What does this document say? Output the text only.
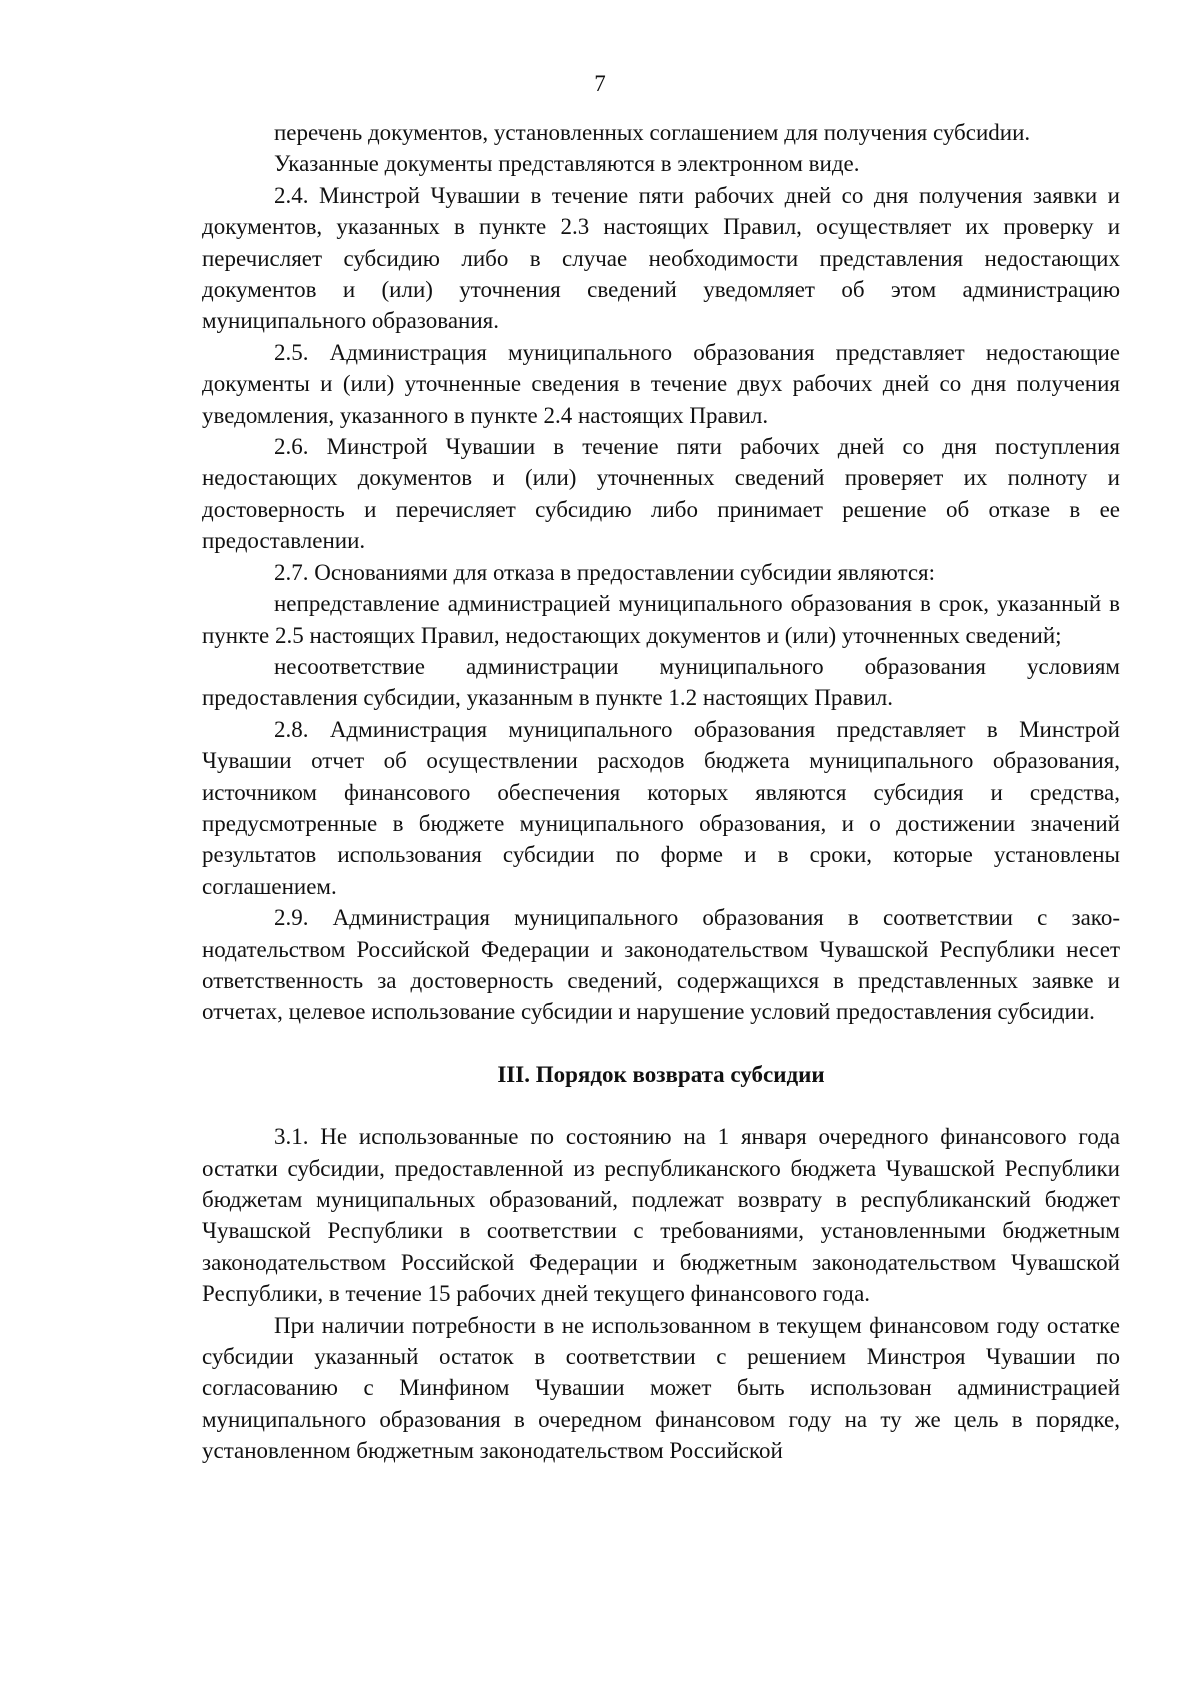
7

перечень документов, установленных соглашением для получения субсиdии.

Указанные документы представляются в электронном виде.

2.4. Минстрой Чувашии в течение пяти рабочих дней со дня получения заявки и документов, указанных в пункте 2.3 настоящих Правил, осуществляет их проверку и перечисляет субсидию либо в случае необходимости представления недостающих документов и (или) уточнения сведений уведомляет об этом администрацию муниципального образования.

2.5. Администрация муниципального образования представляет недостающие документы и (или) уточненные сведения в течение двух рабочих дней со дня получения уведомления, указанного в пункте 2.4 настоящих Правил.

2.6. Минстрой Чувашии в течение пяти рабочих дней со дня поступления недостающих документов и (или) уточненных сведений проверяет их полноту и достоверность и перечисляет субсидию либо принимает решение об отказе в ее предоставлении.

2.7. Основаниями для отказа в предоставлении субсидии являются:

непредставление администрацией муниципального образования в срок, указанный в пункте 2.5 настоящих Правил, недостающих документов и (или) уточненных сведений;

несоответствие администрации муниципального образования условиям предоставления субсидии, указанным в пункте 1.2 настоящих Правил.

2.8. Администрация муниципального образования представляет в Минстрой Чувашии отчет об осуществлении расходов бюджета муниципального образования, источником финансового обеспечения которых являются субсидия и средства, предусмотренные в бюджете муниципального образования, и о достижении значений результатов использования субсидии по форме и в сроки, которые установлены соглашением.

2.9. Администрация муниципального образования в соответствии с законодательством Российской Федерации и законодательством Чувашской Республики несет ответственность за достоверность сведений, содержащихся в представленных заявке и отчетах, целевое использование субсидии и нарушение условий предоставления субсидии.

III. Порядок возврата субсидии

3.1. Не использованные по состоянию на 1 января очередного финансового года остатки субсидии, предоставленной из республиканского бюджета Чувашской Республики бюджетам муниципальных образований, подлежат возврату в республиканский бюджет Чувашской Республики в соответствии с требованиями, установленными бюджетным законодательством Российской Федерации и бюджетным законодательством Чувашской Республики, в течение 15 рабочих дней текущего финансового года.

При наличии потребности в не использованном в текущем финансовом году остатке субсидии указанный остаток в соответствии с решением Минстроя Чувашии по согласованию с Минфином Чувашии может быть использован администрацией муниципального образования в очередном финансовом году на ту же цель в порядке, установленном бюджетным законодательством Российской
